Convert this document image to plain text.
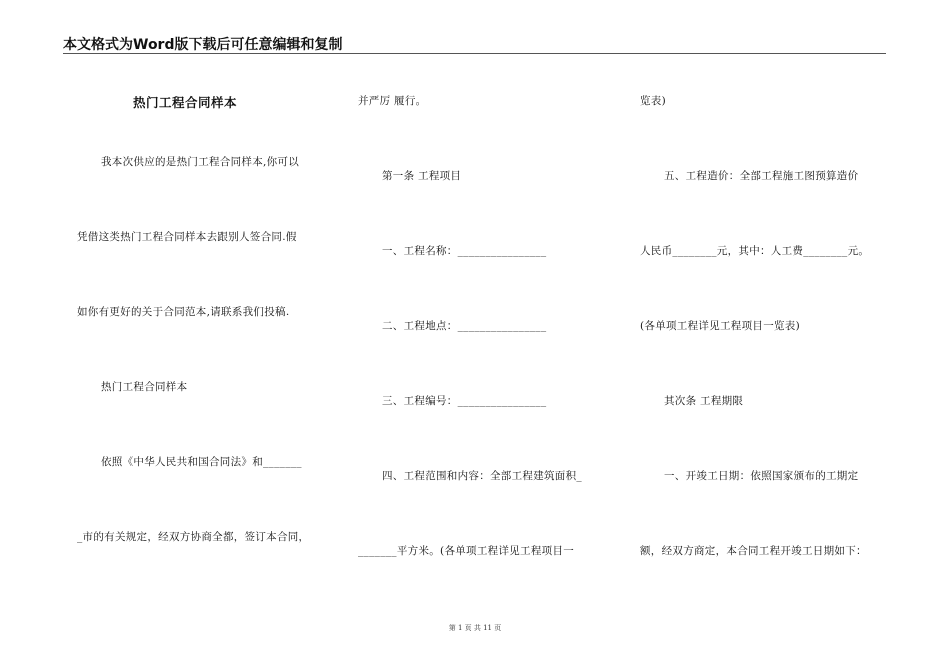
本文格式为Word版下载后可任意编辑和复制
热门工程合同样本
我本次供应的是热门工程合同样本,你可以
凭借这类热门工程合同样本去跟别人签合同.假
如你有更好的关于合同范本,请联系我们投稿.
热门工程合同样本
依照《中华人民共和国合同法》和_______
_市的有关规定，经双方协商全都，签订本合同，
并严厉 履行。
第一条 工程项目
一、工程名称：________________
二、工程地点：________________
三、工程编号：________________
四、工程范围和内容：全部工程建筑面积_
_______平方米。(各单项工程详见工程项目一
览表)
五、工程造价：全部工程施工图预算造价
人民币________元，其中：人工费________元。
(各单项工程详见工程项目一览表)
其次条 工程期限
一、开竣工日期：依照国家颁布的工期定
额，经双方商定，本合同工程开竣工日期如下：
第 1 页 共 11 页
